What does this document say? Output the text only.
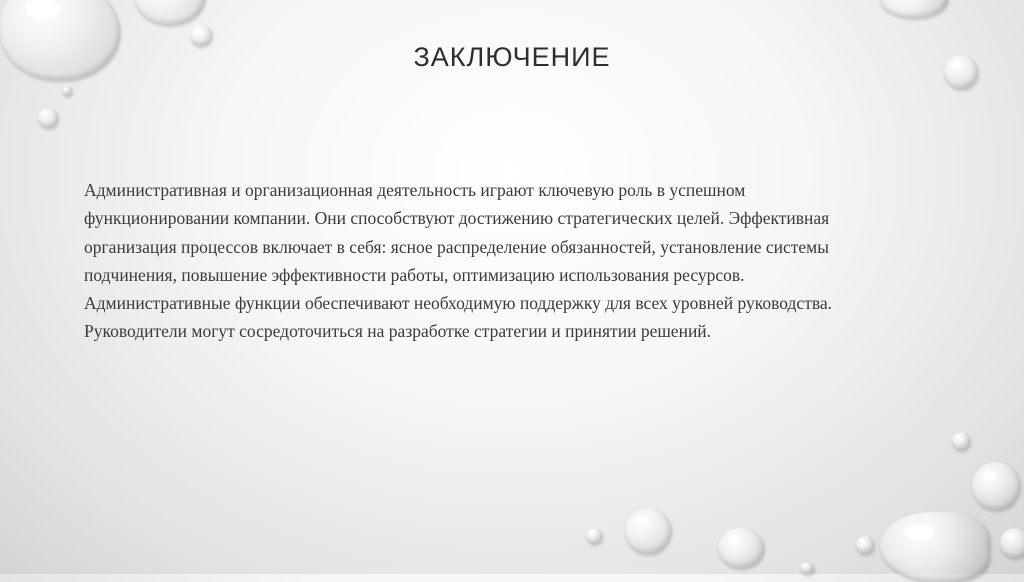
ЗАКЛЮЧЕНИЕ

Административная и организационная деятельность играют ключевую роль в успешном

функционировании компании. Они способствуют достижению стратегических целей. Эффективная

организация процессов включает в себя: ясное распределение обязанностей, установление системы

подчинения, повышение эффективности работы, оптимизацию использования ресурсов.

Административные функции обеспечивают необходимую поддержку для всех уровней руководства.

Руководители могут сосредоточиться на разработке стратегии и принятии решений.
